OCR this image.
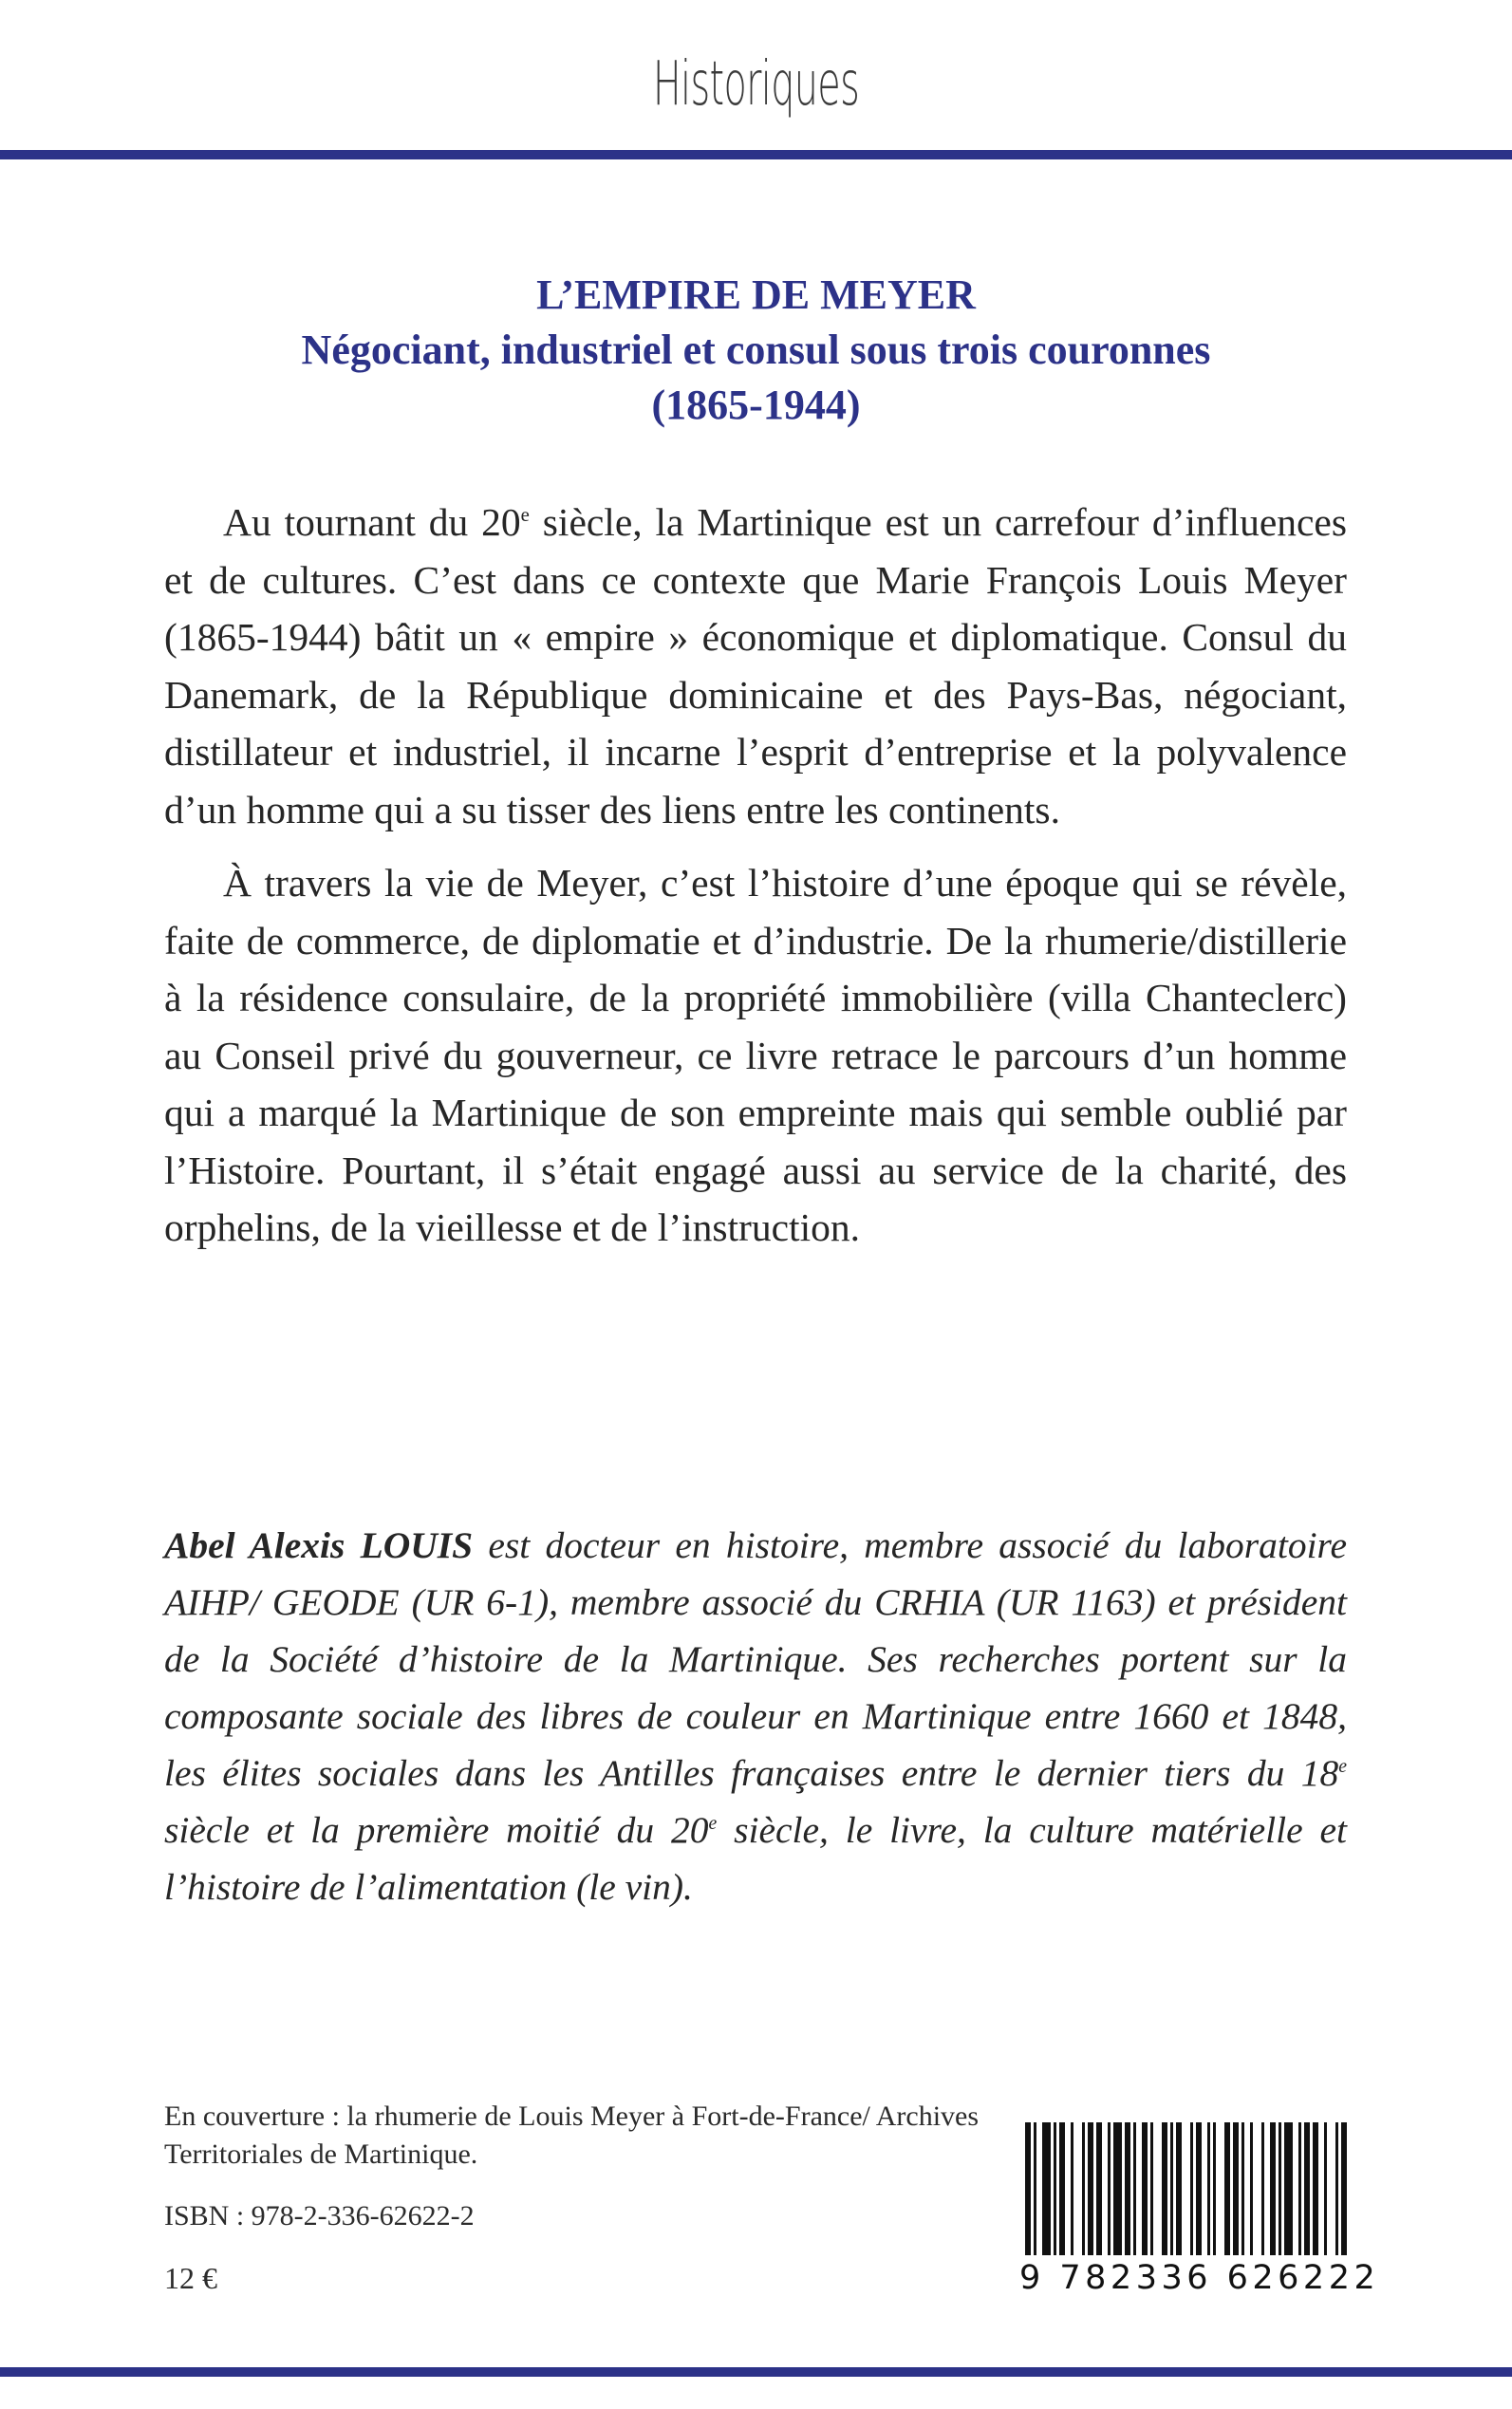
Historiques
L’EMPIRE DE MEYER
Négociant, industriel et consul sous trois couronnes
(1865-1944)

Au tournant du 20e siècle, la Martinique est un carrefour d’influences et de cultures. C’est dans ce contexte que Marie François Louis Meyer (1865-1944) bâtit un « empire » économique et diplomatique. Consul du Danemark, de la République dominicaine et des Pays-Bas, négociant, distillateur et industriel, il incarne l’esprit d’entreprise et la polyvalence d’un homme qui a su tisser des liens entre les continents.

À travers la vie de Meyer, c’est l’histoire d’une époque qui se révèle, faite de commerce, de diplomatie et d’industrie. De la rhumerie/distillerie à la résidence consulaire, de la propriété immobilière (villa Chanteclerc) au Conseil privé du gouverneur, ce livre retrace le parcours d’un homme qui a marqué la Martinique de son empreinte mais qui semble oublié par l’Histoire. Pourtant, il s’était engagé aussi au service de la charité, des orphelins, de la vieillesse et de l’instruction.

Abel Alexis LOUIS est docteur en histoire, membre associé du laboratoire AIHP/ GEODE (UR 6-1), membre associé du CRHIA (UR 1163) et président de la Société d’histoire de la Martinique. Ses recherches portent sur la composante sociale des libres de couleur en Martinique entre 1660 et 1848, les élites sociales dans les Antilles françaises entre le dernier tiers du 18e siècle et la première moitié du 20e siècle, le livre, la culture matérielle et l’histoire de l’alimentation (le vin).
En couverture : la rhumerie de Louis Meyer à Fort-de-France/ Archives Territoriales de Martinique.
ISBN : 978-2-336-62622-2
12 €	9 782336 626222
